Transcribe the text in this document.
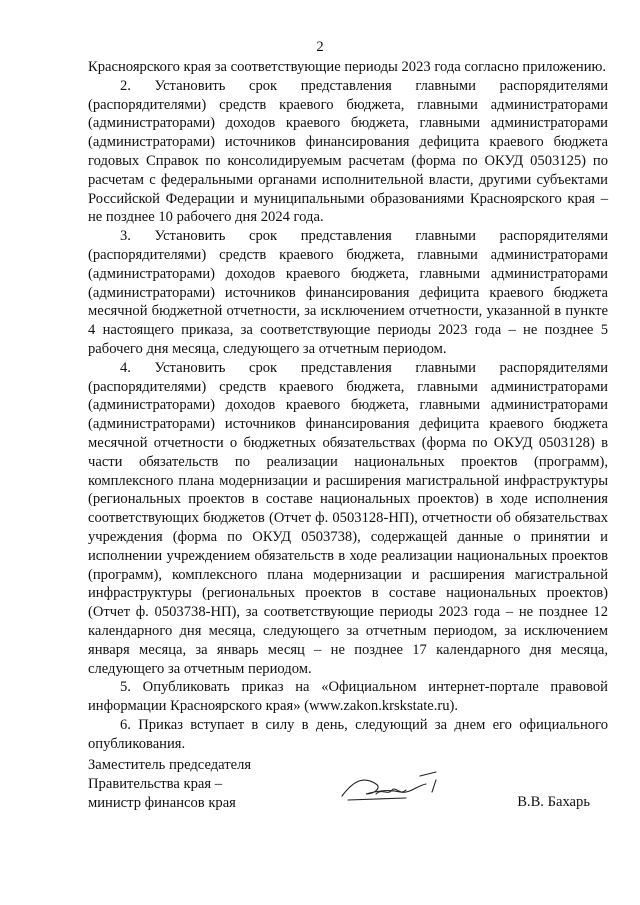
2

Красноярского края за соответствующие периоды 2023 года согласно приложению.

2. Установить срок представления главными распорядителями (распорядителями) средств краевого бюджета, главными администраторами (администраторами) доходов краевого бюджета, главными администраторами (администраторами) источников финансирования дефицита краевого бюджета годовых Справок по консолидируемым расчетам (форма по ОКУД 0503125) по расчетам с федеральными органами исполнительной власти, другими субъектами Российской Федерации и муниципальными образованиями Красноярского края – не позднее 10 рабочего дня 2024 года.

3. Установить срок представления главными распорядителями (распорядителями) средств краевого бюджета, главными администраторами (администраторами) доходов краевого бюджета, главными администраторами (администраторами) источников финансирования дефицита краевого бюджета месячной бюджетной отчетности, за исключением отчетности, указанной в пункте 4 настоящего приказа, за соответствующие периоды 2023 года – не позднее 5 рабочего дня месяца, следующего за отчетным периодом.

4. Установить срок представления главными распорядителями (распорядителями) средств краевого бюджета, главными администраторами (администраторами) доходов краевого бюджета, главными администраторами (администраторами) источников финансирования дефицита краевого бюджета месячной отчетности о бюджетных обязательствах (форма по ОКУД 0503128) в части обязательств по реализации национальных проектов (программ), комплексного плана модернизации и расширения магистральной инфраструктуры (региональных проектов в составе национальных проектов) в ходе исполнения соответствующих бюджетов (Отчет ф. 0503128-НП), отчетности об обязательствах учреждения (форма по ОКУД 0503738), содержащей данные о принятии и исполнении учреждением обязательств в ходе реализации национальных проектов (программ), комплексного плана модернизации и расширения магистральной инфраструктуры (региональных проектов в составе национальных проектов) (Отчет ф. 0503738-НП), за соответствующие периоды 2023 года – не позднее 12 календарного дня месяца, следующего за отчетным периодом, за исключением января месяца, за январь месяц – не позднее 17 календарного дня месяца, следующего за отчетным периодом.

5. Опубликовать приказ на «Официальном интернет-портале правовой информации Красноярского края» (www.zakon.krskstate.ru).

6. Приказ вступает в силу в день, следующий за днем его официального опубликования.

Заместитель председателя
Правительства края –
министр финансов края	В.В. Бахарь
